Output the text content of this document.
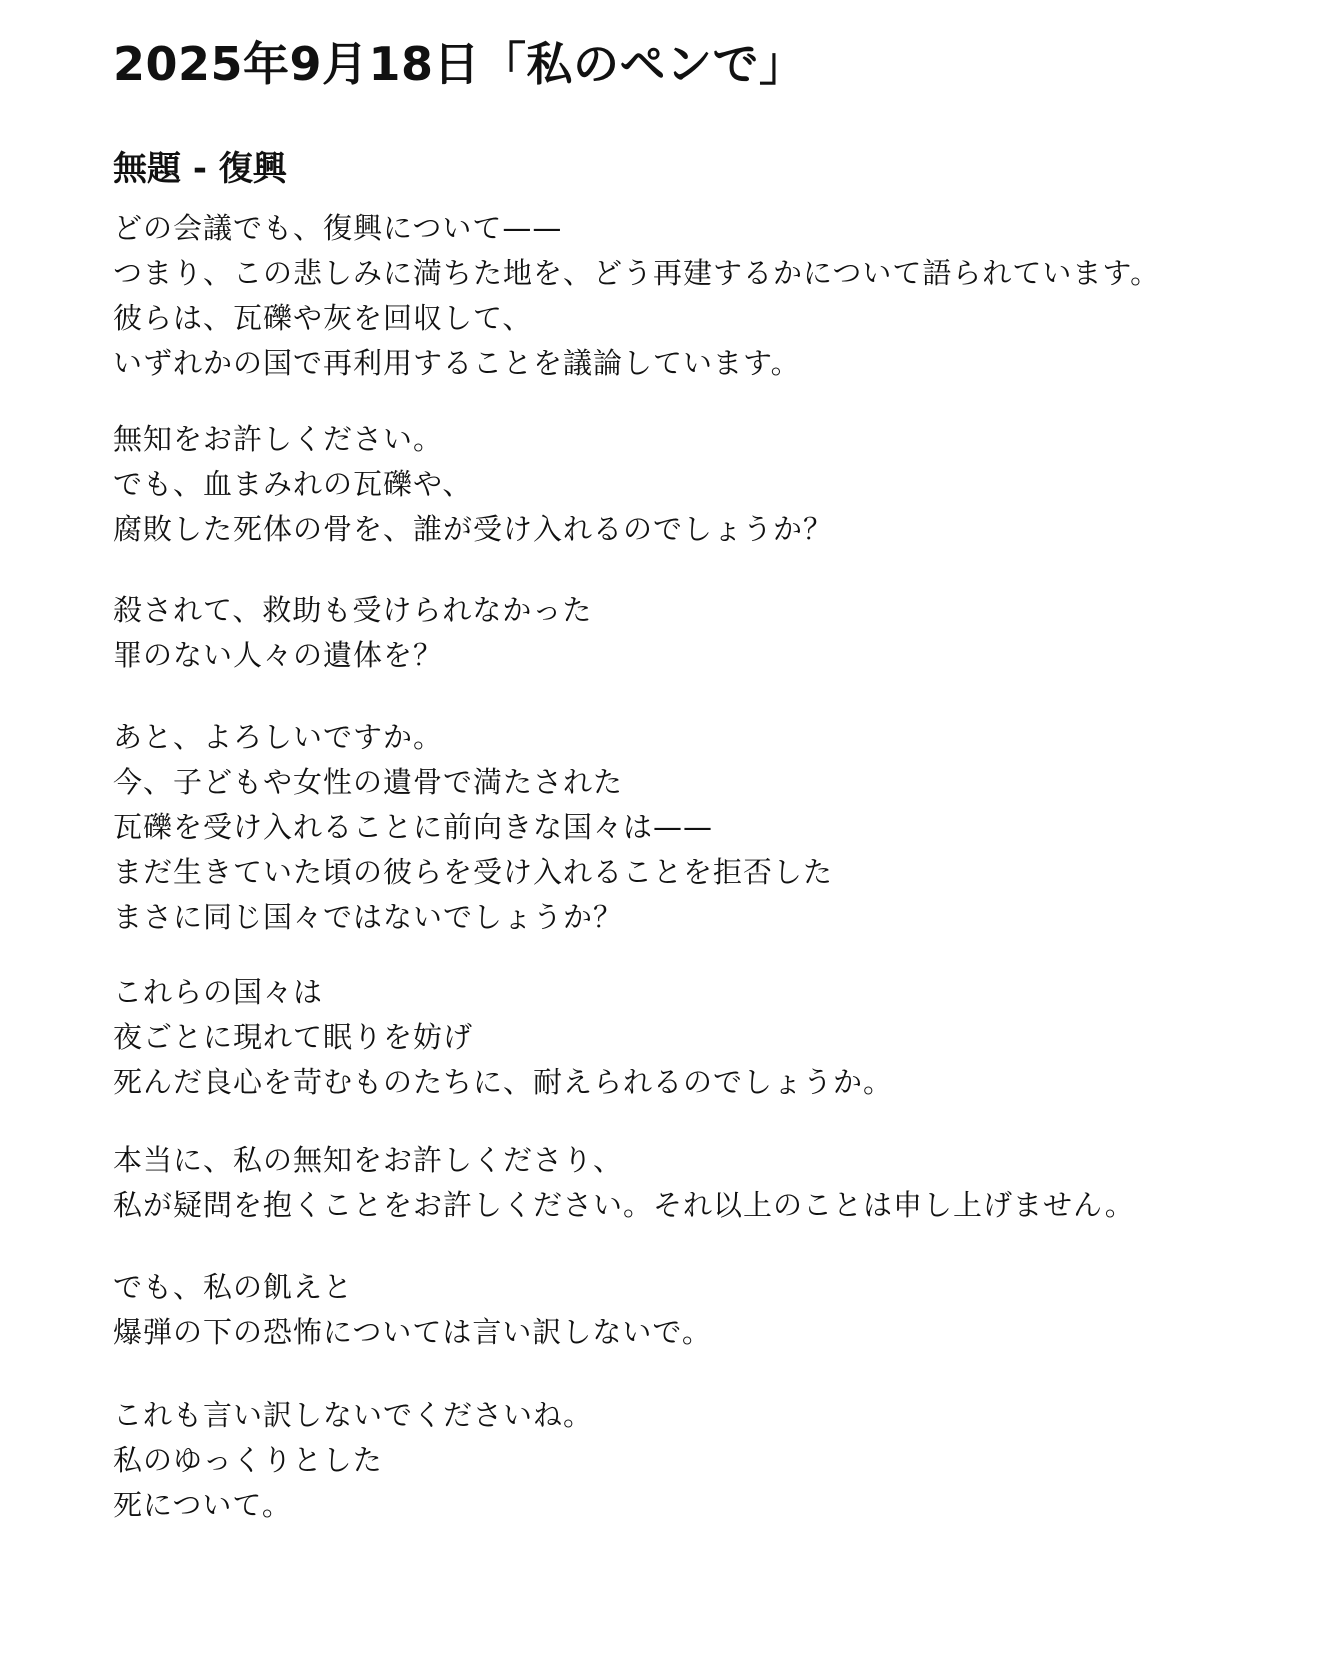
2025年9月18日「私のペンで」
無題 - 復興
どの会議でも、復興について——
つまり、この悲しみに満ちた地を、どう再建するかについて語られています。
彼らは、瓦礫や灰を回収して、
いずれかの国で再利用することを議論しています。
無知をお許しください。
でも、血まみれの瓦礫や、
腐敗した死体の骨を、誰が受け入れるのでしょうか？
殺されて、救助も受けられなかった
罪のない人々の遺体を？
あと、よろしいですか。
今、子どもや女性の遺骨で満たされた
瓦礫を受け入れることに前向きな国々は——
まだ生きていた頃の彼らを受け入れることを拒否した
まさに同じ国々ではないでしょうか？
これらの国々は
夜ごとに現れて眠りを妨げ
死んだ良心を苛むものたちに、耐えられるのでしょうか。
本当に、私の無知をお許しくださり、
私が疑問を抱くことをお許しください。それ以上のことは申し上げません。
でも、私の飢えと
爆弾の下の恐怖については言い訳しないで。
これも言い訳しないでくださいね。
私のゆっくりとした
死について。
